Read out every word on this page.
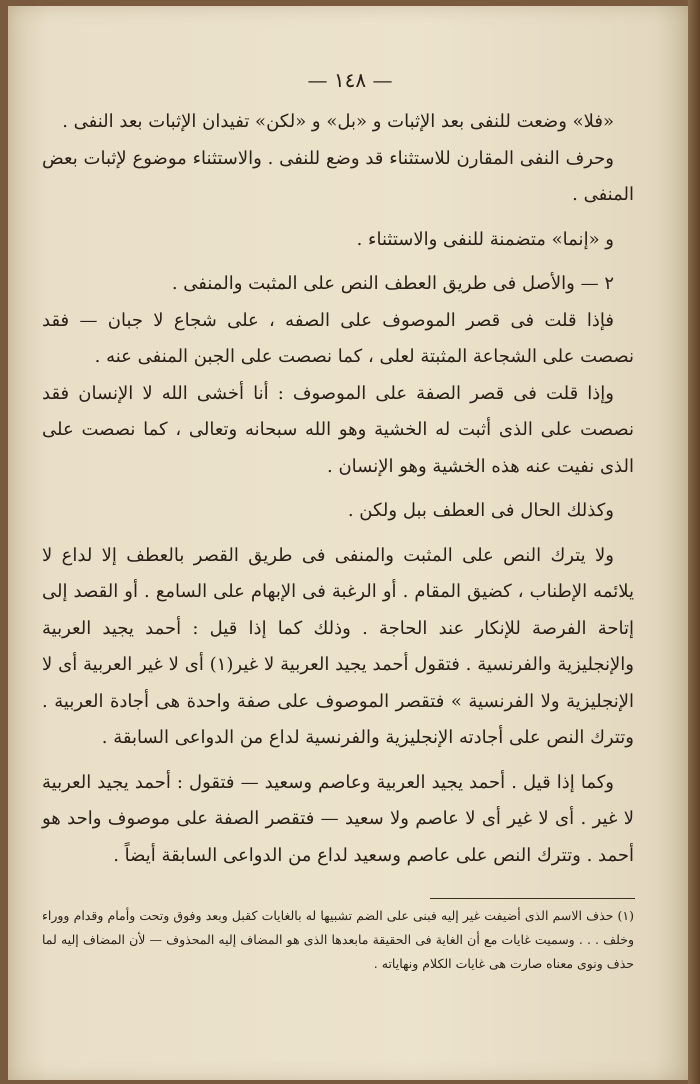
— ١٤٨ —

«فلا» وضعت للنفى بعد الإثبات و «بل» و «لكن» تفيدان الإثبات بعد النفى .

وحرف النفى المقارن للاستثناء قد وضع للنفى . والاستثناء موضوع لإثبات بعض المنفى .

و «إنما» متضمنة للنفى والاستثناء .

٢ — والأصل فى طريق العطف النص على المثبت والمنفى .

فإذا قلت فى قصر الموصوف على الصفه ، على شجاع لا جبان — فقد نصصت على الشجاعة المثبتة لعلى ، كما نصصت على الجبن المنفى عنه .

وإذا قلت فى قصر الصفة على الموصوف : أنا أخشى الله لا الإنسان فقد نصصت على الذى أثبت له الخشية وهو الله سبحانه وتعالى ، كما نصصت على الذى نفيت عنه هذه الخشية وهو الإنسان .

وكذلك الحال فى العطف ببل ولكن .

ولا يترك النص على المثبت والمنفى فى طريق القصر بالعطف إلا لداع لا يلائمه الإطناب ، كضيق المقام . أو الرغبة فى الإبهام على السامع . أو القصد إلى إتاحة الفرصة للإنكار عند الحاجة . وذلك كما إذا قيل : أحمد يجيد العربية والإنجليزية والفرنسية . فتقول أحمد يجيد العربية لا غير(١) أى لا غير العربية أى لا الإنجليزية ولا الفرنسية » فتقصر الموصوف على صفة واحدة هى أجادة العربية . وتترك النص على أجادته الإنجليزية والفرنسية لداع من الدواعى السابقة .

وكما إذا قيل . أحمد يجيد العربية وعاصم وسعيد — فتقول : أحمد يجيد العربية لا غير . أى لا غير أى لا عاصم ولا سعيد — فتقصر الصفة على موصوف واحد هو أحمد . وتترك النص على عاصم وسعيد لداع من الدواعى السابقة أيضاً .

(١) حذف الاسم الذى أضيفت غير إليه فبنى على الضم تشبيها له بالغايات كقبل وبعد وفوق وتحت وأمام وقدام ووراء وخلف . . . وسميت غايات مع أن الغاية فى الحقيقة مابعدها الذى هو المضاف إليه المحذوف — لأن المضاف إليه لما حذف ونوى معناه صارت هى غايات الكلام ونهاياته .
